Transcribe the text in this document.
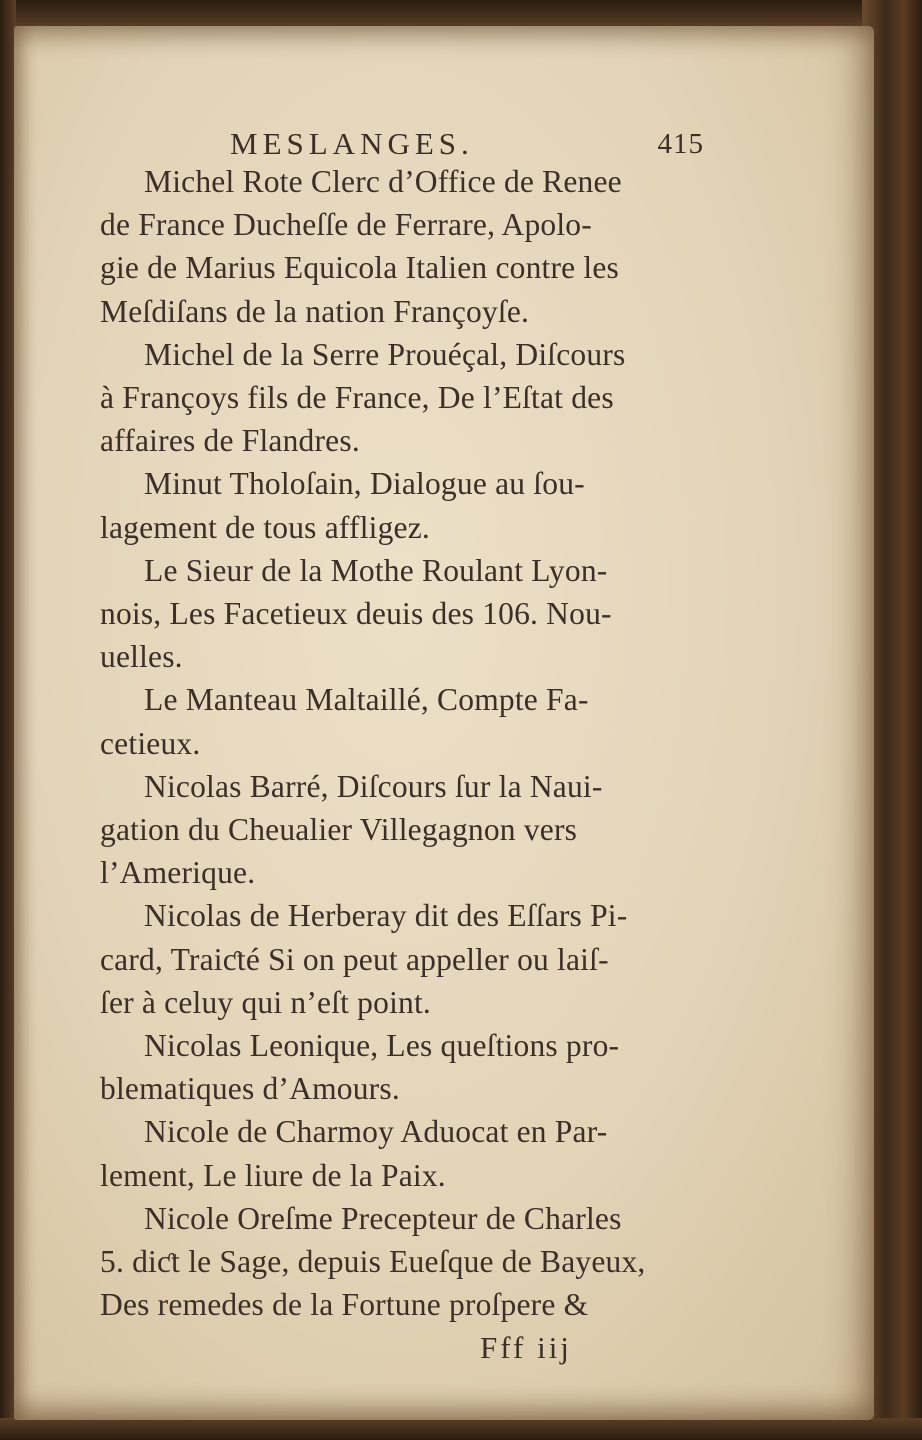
MESLANGES.	415

Michel Rote Clerc d’Office de Renee
de France Ducheſſe de Ferrare, Apolo-
gie de Marius Equicola Italien contre les
Meſdiſans de la nation Françoyſe.

Michel de la Serre Prouéçal, Diſcours
à Françoys fils de France, De l’Eſtat des
affaires de Flandres.

Minut Tholoſain, Dialogue au ſou-
lagement de tous affligez.

Le Sieur de la Mothe Roulant Lyon-
nois, Les Facetieux deuis des 106. Nou-
uelles.

Le Manteau Maltaillé, Compte Fa-
cetieux.

Nicolas Barré, Diſcours ſur la Naui-
gation du Cheualier Villegagnon vers
l’Amerique.

Nicolas de Herberay dit des Eſſars Pi-
card, Traiƈté Si on peut appeller ou laiſ-
ſer à celuy qui n’eſt point.

Nicolas Leonique, Les queſtions pro-
blematiques d’Amours.

Nicole de Charmoy Aduocat en Par-
lement, Le liure de la Paix.

Nicole Oreſme Precepteur de Charles
5. diƈt le Sage, depuis Eueſque de Bayeux,
Des remedes de la Fortune proſpere &

Fff iij
